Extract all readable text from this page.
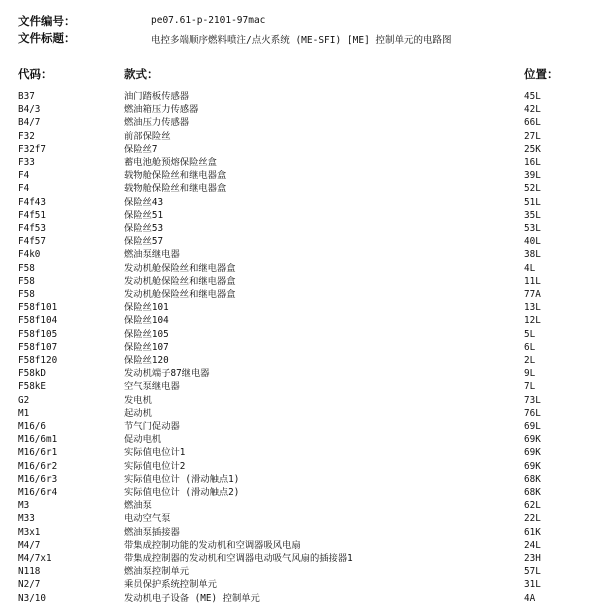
文件编号：	pe07.61-p-2101-97mac
文件标题：	电控多端顺序燃料喷注/点火系统 (ME-SFI) [ME] 控制单元的电路图
代码：	款式：	位置：
B37	油门踏板传感器	45L
B4/3	燃油箱压力传感器	42L
B4/7	燃油压力传感器	66L
F32	前部保险丝	27L
F32f7	保险丝7	25K
F33	蓄电池舱预熔保险丝盒	16L
F4	载物舱保险丝和继电器盒	39L
F4	载物舱保险丝和继电器盒	52L
F4f43	保险丝43	51L
F4f51	保险丝51	35L
F4f53	保险丝53	53L
F4f57	保险丝57	40L
F4k0	燃油泵继电器	38L
F58	发动机舱保险丝和继电器盒	4L
F58	发动机舱保险丝和继电器盒	11L
F58	发动机舱保险丝和继电器盒	77A
F58f101	保险丝101	13L
F58f104	保险丝104	12L
F58f105	保险丝105	5L
F58f107	保险丝107	6L
F58f120	保险丝120	2L
F58kD	发动机端子87继电器	9L
F58kE	空气泵继电器	7L
G2	发电机	73L
M1	起动机	76L
M16/6	节气门促动器	69L
M16/6m1	促动电机	69K
M16/6r1	实际值电位计1	69K
M16/6r2	实际值电位计2	69K
M16/6r3	实际值电位计 (滑动触点1)	68K
M16/6r4	实际值电位计 (滑动触点2)	68K
M3	燃油泵	62L
M33	电动空气泵	22L
M3x1	燃油泵插接器	61K
M4/7	带集成控制功能的发动机和空调器吸风电扇	24L
M4/7x1	带集成控制器的发动机和空调器电动吸气风扇的插接器1	23H
N118	燃油泵控制单元	57L
N2/7	乘员保护系统控制单元	31L
N3/10	发动机电子设备 (ME) 控制单元	4A
